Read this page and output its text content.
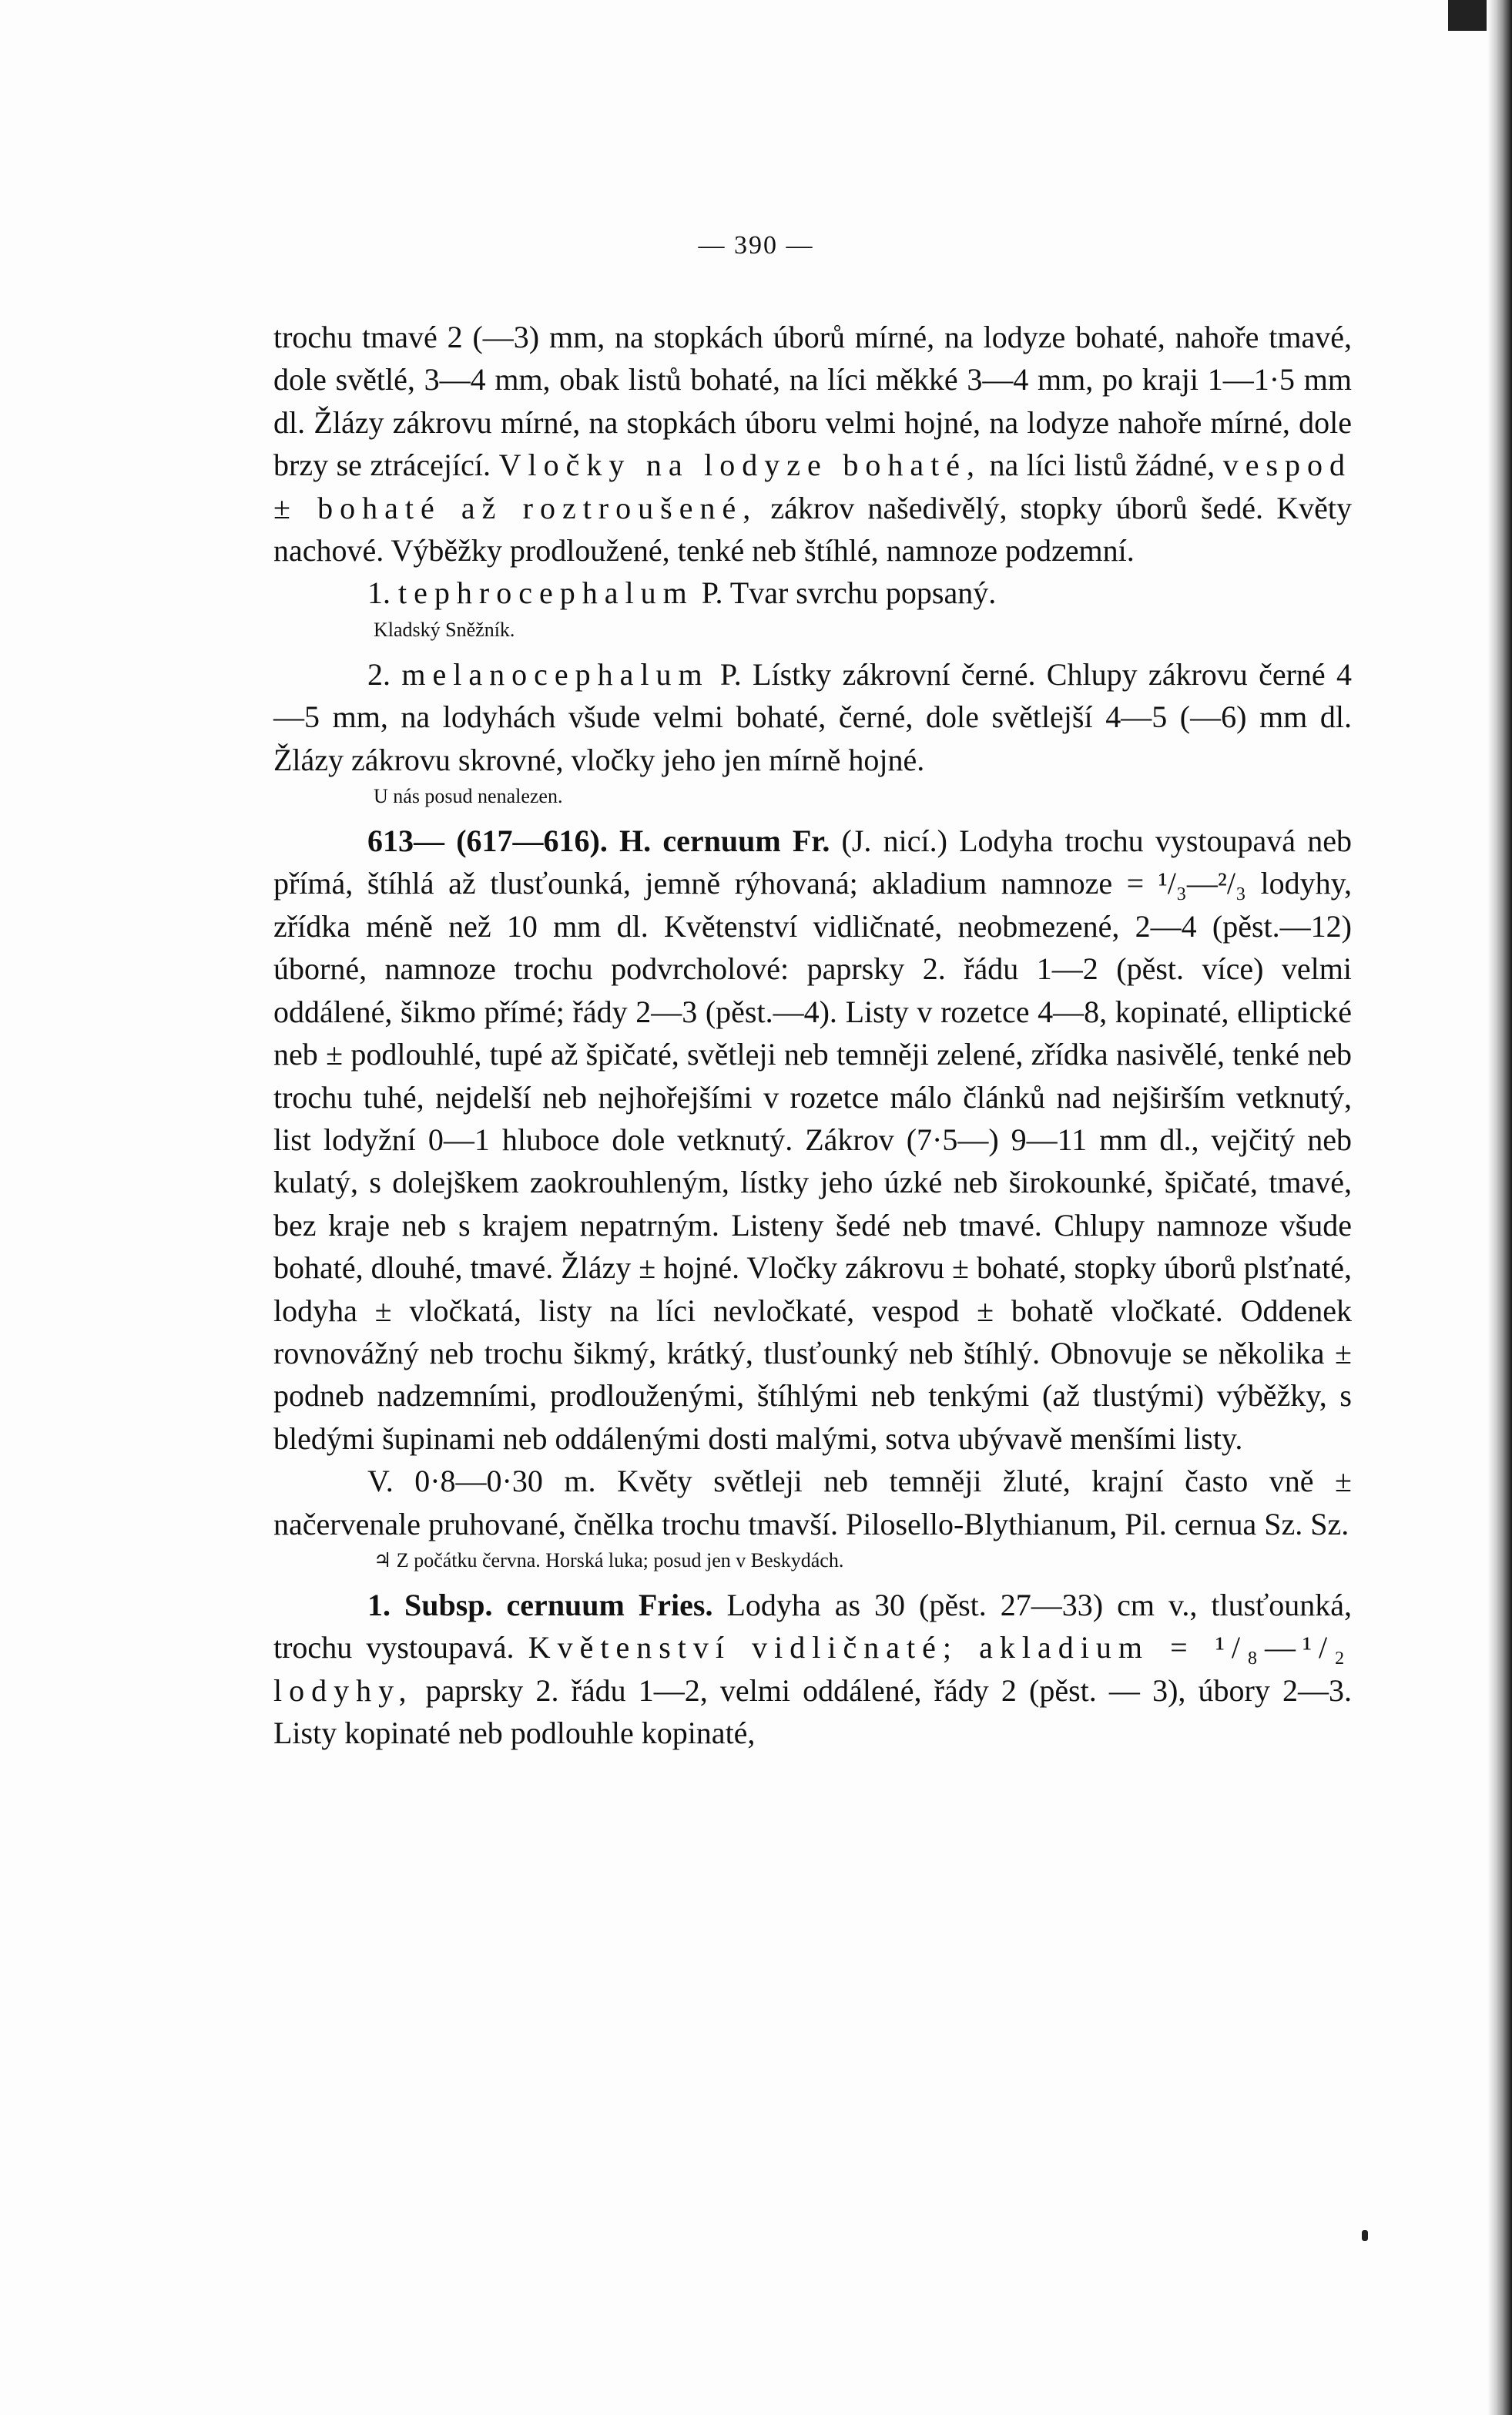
— 390 —

trochu tmavé 2 (—3) mm, na stopkách úborů mírné, na lodyze bohaté, nahoře tmavé, dole světlé, 3—4 mm, obak listů bohaté, na líci měkké 3—4 mm, po kraji 1—1·5 mm dl. Žlázy zákrovu mírné, na stopkách úboru velmi hojné, na lodyze nahoře mírné, dole brzy se ztrácející. Vločky na lodyze bohaté, na líci listů žádné, vespod ± bohaté až roztroušené, zákrov našedivělý, stopky úborů šedé. Květy nachové. Výběžky prodloužené, tenké neb štíhlé, namnoze podzemní.

1. tephrocephalum P. Tvar svrchu popsaný.

Kladský Sněžník.

2. melanocephalum P. Lístky zákrovní černé. Chlupy zákrovu černé 4—5 mm, na lodyhách všude velmi bohaté, černé, dole světlejší 4—5 (—6) mm dl. Žlázy zákrovu skrovné, vločky jeho jen mírně hojné.

U nás posud nenalezen.

613— (617—616). H. cernuum Fr. (J. nicí.) Lodyha trochu vystoupavá neb přímá, štíhlá až tlusťounká, jemně rýhovaná; akladium namnoze = ¹/₃—²/₃ lodyhy, zřídka méně než 10 mm dl. Květenství vidličnaté, neobmezené, 2—4 (pěst.—12) úborné, namnoze trochu podvrcholové: paprsky 2. řádu 1—2 (pěst. více) velmi oddálené, šikmo přímé; řády 2—3 (pěst.—4). Listy v rozetce 4—8, kopinaté, elliptické neb ± podlouhlé, tupé až špičaté, světleji neb temněji zelené, zřídka nasivělé, tenké neb trochu tuhé, nejdelší neb nejhořejšími v rozetce málo článků nad nejširším vetknutý, list lodyžní 0—1 hluboce dole vetknutý. Zákrov (7·5—) 9—11 mm dl., vejčitý neb kulatý, s dolejškem zaokrouhleným, lístky jeho úzké neb širokounké, špičaté, tmavé, bez kraje neb s krajem nepatrným. Listeny šedé neb tmavé. Chlupy namnoze všude bohaté, dlouhé, tmavé. Žlázy ± hojné. Vločky zákrovu ± bohaté, stopky úborů plsťnaté, lodyha ± vločkatá, listy na líci nevločkaté, vespod ± bohatě vločkaté. Oddenek rovnovážný neb trochu šikmý, krátký, tlusťounký neb štíhlý. Obnovuje se několika ± podneb nadzemními, prodlouženými, štíhlými neb tenkými (až tlustými) výběžky, s bledými šupinami neb oddálenými dosti malými, sotva ubývavě menšími listy.

V. 0·8—0·30 m. Květy světleji neb temněji žluté, krajní často vně ± načervenale pruhované, čnělka trochu tmavší. Pilosello-Blythianum, Pil. cernua Sz. Sz.

♃ Z počátku června. Horská luka; posud jen v Beskydách.

1. Subsp. cernuum Fries. Lodyha as 30 (pěst. 27—33) cm v., tlusťounká, trochu vystoupavá. Květenství vidličnaté; akladium = ¹/₈—¹/₂ lodyhy, paprsky 2. řádu 1—2, velmi oddálené, řády 2 (pěst. — 3), úbory 2—3. Listy kopinaté neb podlouhle kopinaté,
